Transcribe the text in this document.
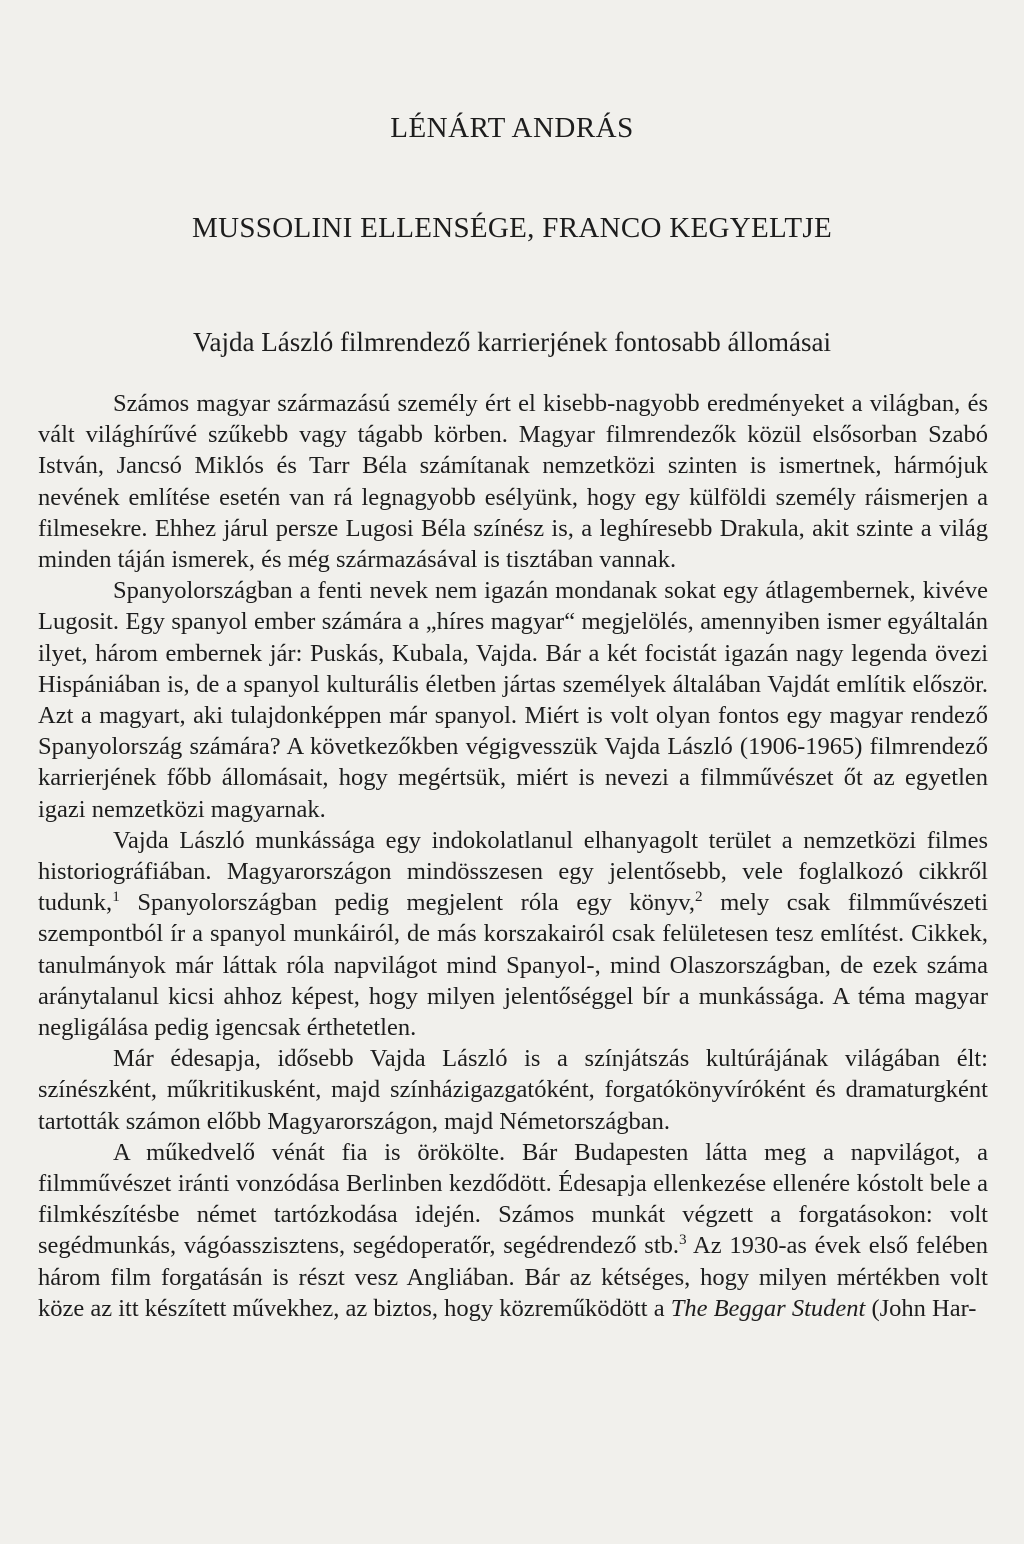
LÉNÁRT ANDRÁS
MUSSOLINI ELLENSÉGE, FRANCO KEGYELTJE
Vajda László filmrendező karrierjének fontosabb állomásai

Számos magyar származású személy ért el kisebb-nagyobb eredményeket a világban, és vált világhírűvé szűkebb vagy tágabb körben. Magyar filmrendezők közül elsősorban Szabó István, Jancsó Miklós és Tarr Béla számítanak nemzetközi szinten is ismertnek, hármójuk nevének említése esetén van rá legnagyobb esélyünk, hogy egy külföldi személy ráismerjen a filmesekre. Ehhez járul persze Lugosi Béla színész is, a leghíresebb Drakula, akit szinte a világ minden táján ismerek, és még származásával is tisztában vannak.

Spanyolországban a fenti nevek nem igazán mondanak sokat egy átlagembernek, kivéve Lugosit. Egy spanyol ember számára a „híres magyar“ megjelölés, amennyiben ismer egyáltalán ilyet, három embernek jár: Puskás, Kubala, Vajda. Bár a két focistát igazán nagy legenda övezi Hispániában is, de a spanyol kulturális életben jártas személyek általában Vajdát említik először. Azt a magyart, aki tulajdonképpen már spanyol. Miért is volt olyan fontos egy magyar rendező Spanyolország számára? A következőkben végigvesszük Vajda László (1906-1965) filmrendező karrierjének főbb állomásait, hogy megértsük, miért is nevezi a filmművészet őt az egyetlen igazi nemzetközi magyarnak.

Vajda László munkássága egy indokolatlanul elhanyagolt terület a nemzetközi filmes historiográfiában. Magyarországon mindösszesen egy jelentősebb, vele foglalkozó cikkről tudunk,$^1$ Spanyolországban pedig megjelent róla egy könyv,$^2$ mely csak filmművészeti szempontból ír a spanyol munkáiról, de más korszakairól csak felületesen tesz említést. Cikkek, tanulmányok már láttak róla napvilágot mind Spanyol-, mind Olaszországban, de ezek száma aránytalanul kicsi ahhoz képest, hogy milyen jelentőséggel bír a munkássága. A téma magyar negligálása pedig igencsak érthetetlen.

Már édesapja, idősebb Vajda László is a színjátszás kultúrájának világában élt: színészként, műkritikusként, majd színházigazgatóként, forgatókönyvíróként és dramaturgként tartották számon előbb Magyarországon, majd Németországban.

A műkedvelő vénát fia is örökölte. Bár Budapesten látta meg a napvilágot, a filmművészet iránti vonzódása Berlinben kezdődött. Édesapja ellenkezése ellenére kóstolt bele a filmkészítésbe német tartózkodása idején. Számos munkát végzett a forgatásokon: volt segédmunkás, vágóasszisztens, segédoperatőr, segédrendező stb.$^3$ Az 1930-as évek első felében három film forgatásán is részt vesz Angliában. Bár az kétséges, hogy milyen mértékben volt köze az itt készített művekhez, az biztos, hogy közreműködött a The Beggar Student (John Har-
